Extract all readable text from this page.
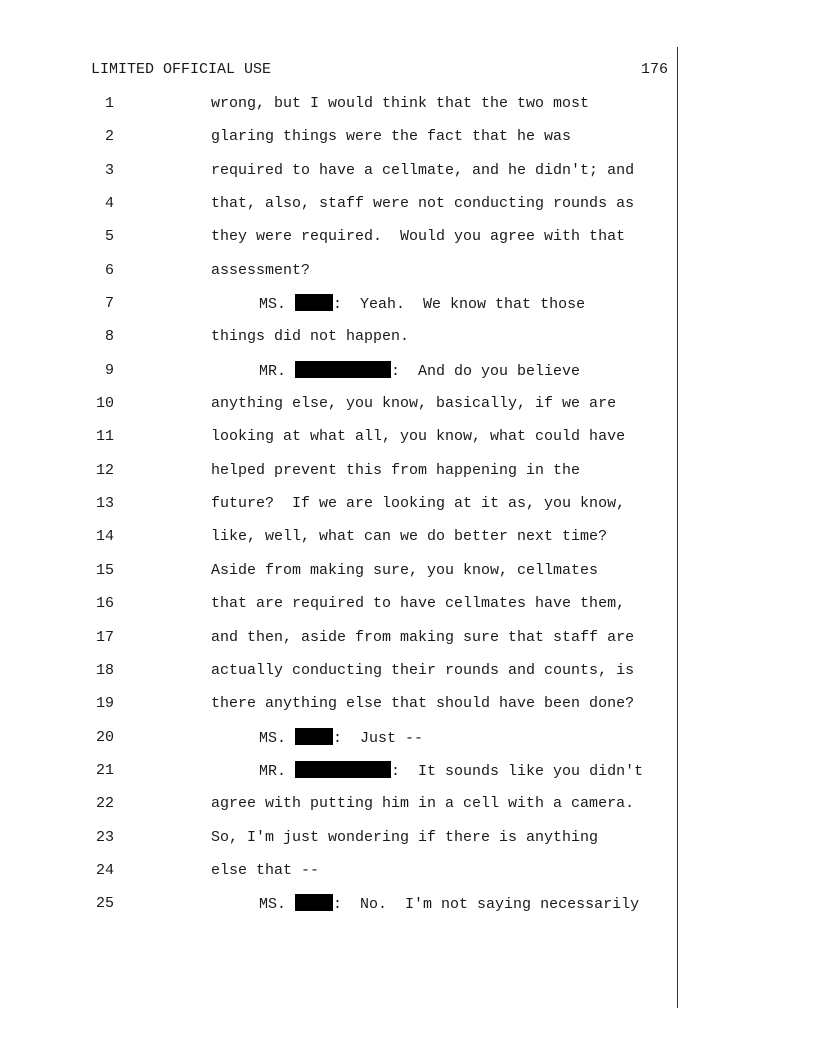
LIMITED OFFICIAL USE	176
1	wrong, but I would think that the two most
2	glaring things were the fact that he was
3	required to have a cellmate, and he didn't; and
4	that, also, staff were not conducting rounds as
5	they were required.  Would you agree with that
6	assessment?
7	MS.	:  Yeah.  We know that those
8	things did not happen.
9	MR.	:  And do you believe
10	anything else, you know, basically, if we are
11	looking at what all, you know, what could have
12	helped prevent this from happening in the
13	future?  If we are looking at it as, you know,
14	like, well, what can we do better next time?
15	Aside from making sure, you know, cellmates
16	that are required to have cellmates have them,
17	and then, aside from making sure that staff are
18	actually conducting their rounds and counts, is
19	there anything else that should have been done?
20	MS.	:  Just --
21	MR.	:  It sounds like you didn't
22	agree with putting him in a cell with a camera.
23	So, I'm just wondering if there is anything
24	else that --
25	MS.	:  No.  I'm not saying necessarily
